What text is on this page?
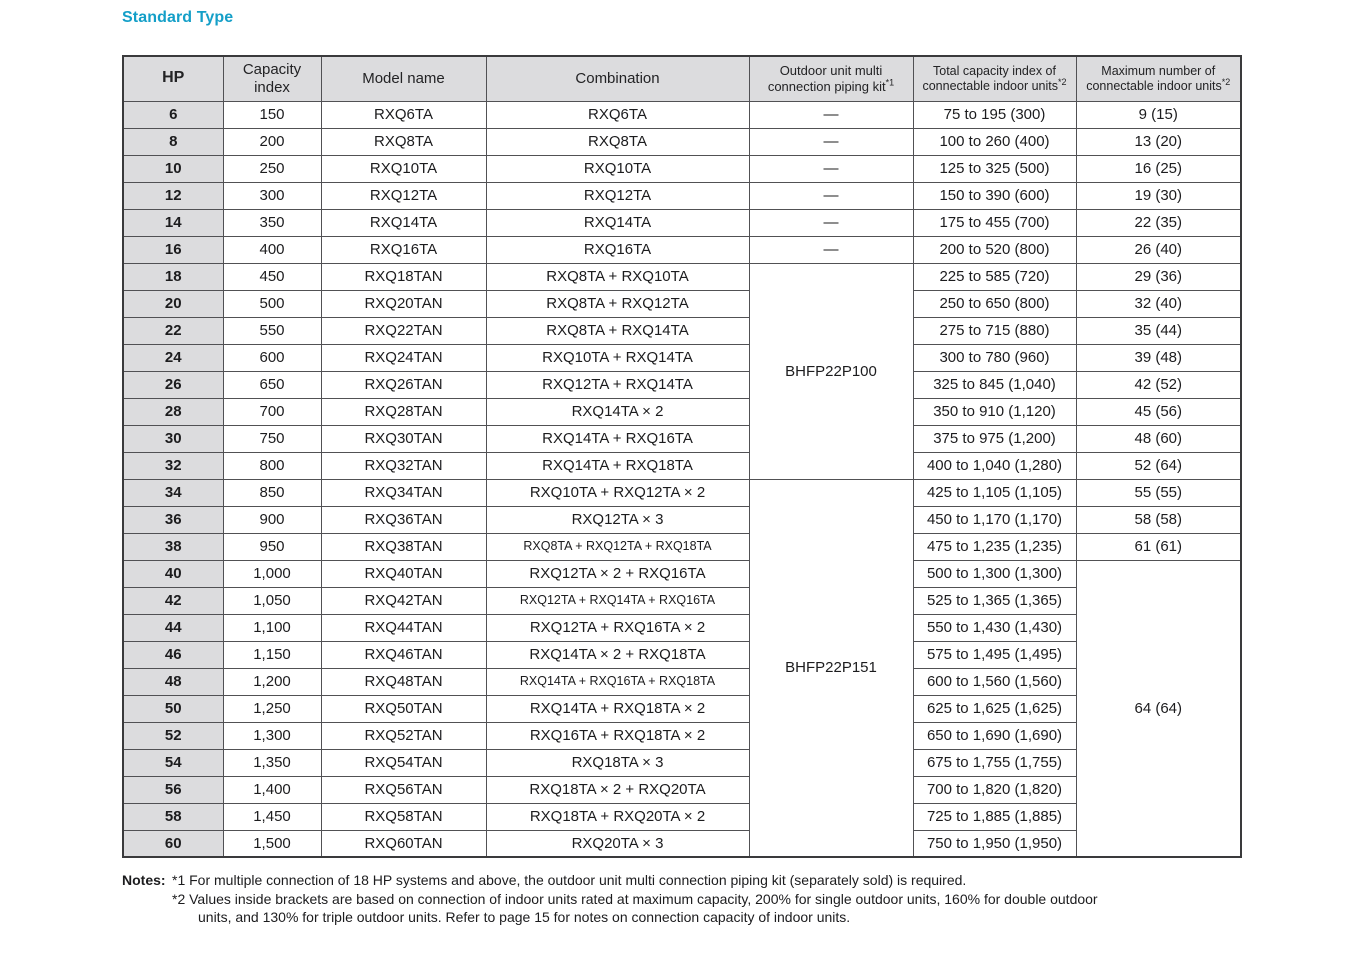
Standard Type
HP	Capacity index	Model name	Combination	Outdoor unit multi connection piping kit$^{*1}$	Total capacity index of connectable indoor units$^{*2}$	Maximum number of connectable indoor units$^{*2}$
6	150	RXQ6TA	RXQ6TA	—	75 to 195 (300)	9 (15)
8	200	RXQ8TA	RXQ8TA	—	100 to 260 (400)	13 (20)
10	250	RXQ10TA	RXQ10TA	—	125 to 325 (500)	16 (25)
12	300	RXQ12TA	RXQ12TA	—	150 to 390 (600)	19 (30)
14	350	RXQ14TA	RXQ14TA	—	175 to 455 (700)	22 (35)
16	400	RXQ16TA	RXQ16TA	—	200 to 520 (800)	26 (40)
18	450	RXQ18TAN	RXQ8TA + RXQ10TA	BHFP22P100	225 to 585 (720)	29 (36)
20	500	RXQ20TAN	RXQ8TA + RXQ12TA		250 to 650 (800)	32 (40)
22	550	RXQ22TAN	RXQ8TA + RXQ14TA		275 to 715 (880)	35 (44)
24	600	RXQ24TAN	RXQ10TA + RXQ14TA		300 to 780 (960)	39 (48)
26	650	RXQ26TAN	RXQ12TA + RXQ14TA		325 to 845 (1,040)	42 (52)
28	700	RXQ28TAN	RXQ14TA × 2		350 to 910 (1,120)	45 (56)
30	750	RXQ30TAN	RXQ14TA + RXQ16TA		375 to 975 (1,200)	48 (60)
32	800	RXQ32TAN	RXQ14TA + RXQ18TA		400 to 1,040 (1,280)	52 (64)
34	850	RXQ34TAN	RXQ10TA + RXQ12TA × 2	BHFP22P151	425 to 1,105 (1,105)	55 (55)
36	900	RXQ36TAN	RXQ12TA × 3		450 to 1,170 (1,170)	58 (58)
38	950	RXQ38TAN	RXQ8TA + RXQ12TA + RXQ18TA		475 to 1,235 (1,235)	61 (61)
40	1,000	RXQ40TAN	RXQ12TA × 2 + RXQ16TA		500 to 1,300 (1,300)	64 (64)
42	1,050	RXQ42TAN	RXQ12TA + RXQ14TA + RXQ16TA		525 to 1,365 (1,365)	
44	1,100	RXQ44TAN	RXQ12TA + RXQ16TA × 2		550 to 1,430 (1,430)	
46	1,150	RXQ46TAN	RXQ14TA × 2 + RXQ18TA		575 to 1,495 (1,495)	
48	1,200	RXQ48TAN	RXQ14TA + RXQ16TA + RXQ18TA		600 to 1,560 (1,560)	
50	1,250	RXQ50TAN	RXQ14TA + RXQ18TA × 2		625 to 1,625 (1,625)	
52	1,300	RXQ52TAN	RXQ16TA + RXQ18TA × 2		650 to 1,690 (1,690)	
54	1,350	RXQ54TAN	RXQ18TA × 3		675 to 1,755 (1,755)	
56	1,400	RXQ56TAN	RXQ18TA × 2 + RXQ20TA		700 to 1,820 (1,820)	
58	1,450	RXQ58TAN	RXQ18TA + RXQ20TA × 2		725 to 1,885 (1,885)	
60	1,500	RXQ60TAN	RXQ20TA × 3		750 to 1,950 (1,950)	
Notes: *1 For multiple connection of 18 HP systems and above, the outdoor unit multi connection piping kit (separately sold) is required.

*2 Values inside brackets are based on connection of indoor units rated at maximum capacity, 200% for single outdoor units, 160% for double outdoor units, and 130% for triple outdoor units. Refer to page 15 for notes on connection capacity of indoor units.
